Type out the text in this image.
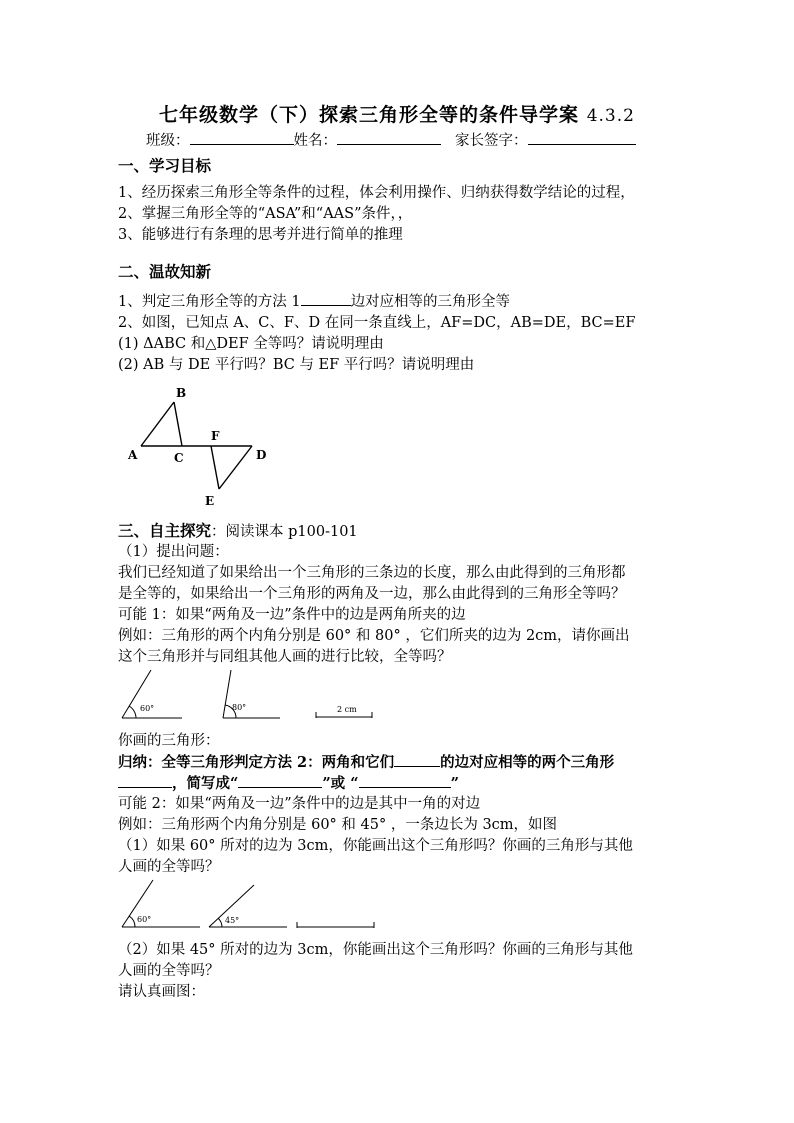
七年级数学（下）探索三角形全等的条件导学案 4.3.2
班级：	姓名：	家长签字：
一、学习目标
1、经历探索三角形全等条件的过程，体会利用操作、归纳获得数学结论的过程，
2、掌握三角形全等的“ASA”和“AAS”条件，，
3、能够进行有条理的思考并进行简单的推理
二、温故知新
1、判定三角形全等的方法 1	边对应相等的三角形全等
2、如图，已知点 A、C、F、D 在同一条直线上，AF=DC，AB=DE，BC=EF
(1) ΔABC 和△DEF 全等吗？请说明理由
(2) AB 与 DE 平行吗？BC 与 EF 平行吗？请说明理由
A
B
C
F
D
E
60°	80°	2 cm
60°	45°
三、自主探究：阅读课本 p100-101
（1）提出问题：
我们已经知道了如果给出一个三角形的三条边的长度，那么由此得到的三角形都
是全等的，如果给出一个三角形的两角及一边，那么由此得到的三角形全等吗？
可能 1：如果“两角及一边”条件中的边是两角所夹的边
例如：三角形的两个内角分别是 60° 和 80° ，它们所夹的边为 2cm，请你画出
这个三角形并与同组其他人画的进行比较，全等吗？
你画的三角形：
归纳：全等三角形判定方法 2：两角和它们	的边对应相等的两个三角形
，简写成“	”或 “	”
可能 2：如果“两角及一边”条件中的边是其中一角的对边
例如：三角形两个内角分别是 60° 和 45° ，一条边长为 3cm，如图
（1）如果 60° 所对的边为 3cm，你能画出这个三角形吗？你画的三角形与其他
人画的全等吗？
（2）如果 45° 所对的边为 3cm，你能画出这个三角形吗？你画的三角形与其他
人画的全等吗？
请认真画图：
